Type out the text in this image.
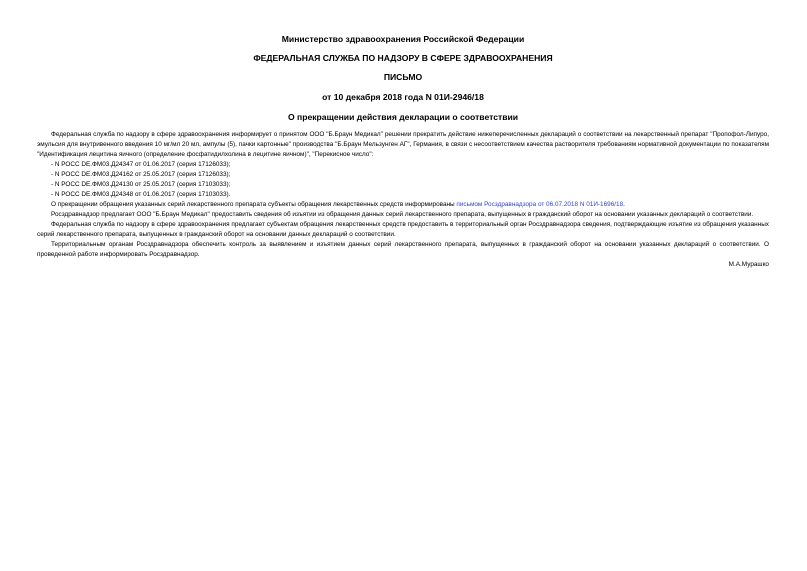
Министерство здравоохранения Российской Федерации

ФЕДЕРАЛЬНАЯ СЛУЖБА ПО НАДЗОРУ В СФЕРЕ ЗДРАВООХРАНЕНИЯ

ПИСЬМО

от 10 декабря 2018 года N 01И-2946/18

О прекращении действия декларации о соответствии

Федеральная служба по надзору в сфере здравоохранения информирует о принятом ООО "Б.Браун Медикал" решении прекратить действие нижеперечисленных деклараций о соответствии на лекарственный препарат "Пропофол-Липуро, эмульсия для внутривенного введения 10 мг/мл 20 мл, ампулы (5), пачки картонные" производства "Б.Браун Мельзунген АГ", Германия, в связи с несоответствием качества растворителя требованиям нормативной документации по показателям "Идентификация лецитина яичного (определение фосфатидилхолина в лецитине яичном)", "Перекисное число":

- N РОСС DE.ФМ03.Д24347 от 01.06.2017 (серия 17126033);

- N РОСС DE.ФМ03.Д24162 от 25.05.2017 (серия 17126033);

- N РОСС DE.ФМ03.Д24130 от 25.05.2017 (серия 17103033);

- N РОСС DE.ФМ03.Д24348 от 01.06.2017 (серия 17103033).

О прекращении обращения указанных серий лекарственного препарата субъекты обращения лекарственных средств информированы письмом Росздравнадзора от 06.07.2018 N 01И-1696/18.

Росздравнадзор предлагает ООО "Б.Браун Медикал" предоставить сведения об изъятии из обращения данных серий лекарственного препарата, выпущенных в гражданский оборот на основании указанных деклараций о соответствии.

Федеральная служба по надзору в сфере здравоохранения предлагает субъектам обращения лекарственных средств предоставить в территориальный орган Росздравнадзора сведения, подтверждающие изъятие из обращения указанных серий лекарственного препарата, выпущенных в гражданский оборот на основании данных деклараций о соответствии.

Территориальным органам Росздравнадзора обеспечить контроль за выявлением и изъятием данных серий лекарственного препарата, выпущенных в гражданский оборот на основании указанных деклараций о соответствии. О проведенной работе информировать Росздравнадзор.

М.А.Мурашко
